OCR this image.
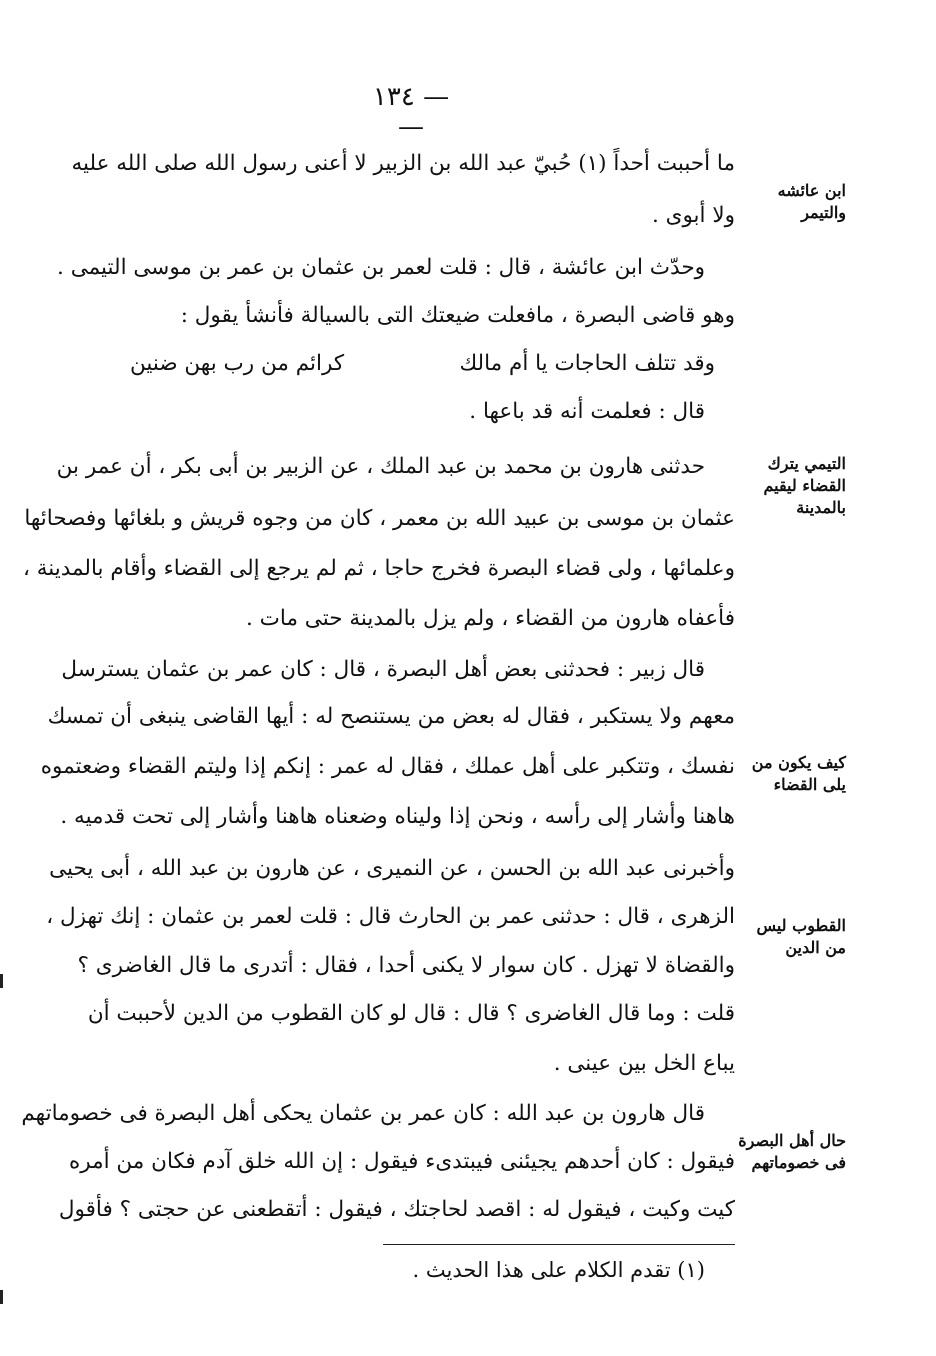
— ١٣٤ —
ابن عائشه والتيمر
التيمي يترك القضاء ليقيم بالمدينة
كيف يكون من يلى القضاء
القطوب ليس من الدين
حال أهل البصرة فى خصوماتهم
ما أحببت أحداً (١) حُبيّ عبد الله بن الزبير لا أعنى رسول الله صلى الله عليه
ولا أبوى .
وحدّث ابن عائشة ، قال : قلت لعمر بن عثمان بن عمر بن موسى التيمى .
وهو قاضى البصرة ، مافعلت ضيعتك التى بالسيالة فأنشأ يقول :
وقد تتلف الحاجات يا أم مالك
كرائم من رب بهن ضنين
قال : فعلمت أنه قد باعها .
حدثنى هارون بن محمد بن عبد الملك ، عن الزبير بن أبى بكر ، أن عمر بن
عثمان بن موسى بن عبيد الله بن معمر ، كان من وجوه قريش و بلغائها وفصحائها
وعلمائها ، ولى قضاء البصرة فخرج حاجا ، ثم لم يرجع إلى القضاء وأقام بالمدينة ،
فأعفاه هارون من القضاء ، ولم يزل بالمدينة حتى مات .
قال زبير : فحدثنى بعض أهل البصرة ، قال : كان عمر بن عثمان يسترسل
معهم ولا يستكبر ، فقال له بعض من يستنصح له : أيها القاضى ينبغى أن تمسك
نفسك ، وتتكبر على أهل عملك ، فقال له عمر : إنكم إذا وليتم القضاء وضعتموه
هاهنا وأشار إلى رأسه ، ونحن إذا وليناه وضعناه هاهنا وأشار إلى تحت قدميه .
وأخبرنى عبد الله بن الحسن ، عن النميرى ، عن هارون بن عبد الله ، أبى يحيى
الزهرى ، قال : حدثنى عمر بن الحارث قال : قلت لعمر بن عثمان : إنك تهزل ،
والقضاة لا تهزل . كان سوار لا يكنى أحدا ، فقال : أتدرى ما قال الغاضرى ؟
قلت : وما قال الغاضرى ؟ قال : قال لو كان القطوب من الدين لأحببت أن
يباع الخل بين عينى .
قال هارون بن عبد الله : كان عمر بن عثمان يحكى أهل البصرة فى خصوماتهم
فيقول : كان أحدهم يجيئنى فيبتدىء فيقول : إن الله خلق آدم فكان من أمره
كيت وكيت ، فيقول له : اقصد لحاجتك ، فيقول : أتقطعنى عن حجتى ؟ فأقول
(١) تقدم الكلام على هذا الحديث .
